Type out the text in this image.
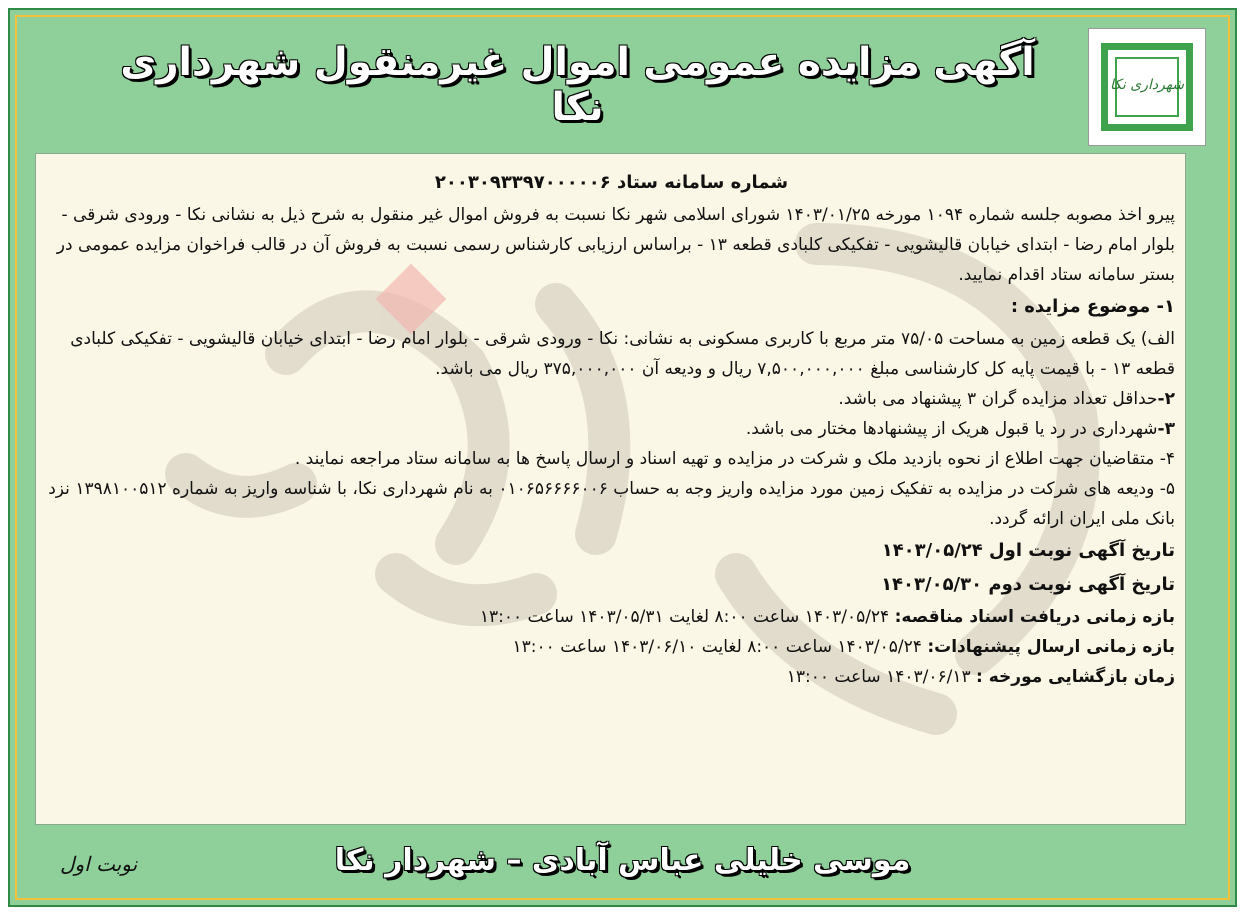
شهرداری نکا
آگهی مزایده عمومی اموال غیرمنقول شهرداری نکا

شماره سامانه ستاد ۲۰۰۳۰۹۳۳۹۷۰۰۰۰۰۶

پیرو اخذ مصوبه جلسه شماره ۱۰۹۴ مورخه ۱۴۰۳/۰۱/۲۵ شورای اسلامی شهر نکا نسبت به فروش اموال غیر منقول به شرح ذیل به نشانی نکا - ورودی شرقی - بلوار امام رضا - ابتدای خیابان قالیشویی - تفکیکی کلبادی قطعه ۱۳ - براساس ارزیابی کارشناس رسمی نسبت به فروش آن در قالب فراخوان مزایده عمومی در بستر سامانه ستاد اقدام نمایید.

۱- موضوع مزایده :

الف) یک قطعه زمین به مساحت ۷۵/۰۵ متر مربع با کاربری مسکونی به نشانی: نکا - ورودی شرقی - بلوار امام رضا - ابتدای خیابان قالیشویی - تفکیکی کلبادی قطعه ۱۳ - با قیمت پایه کل کارشناسی مبلغ ۷,۵۰۰,۰۰۰,۰۰۰ ریال و ودیعه آن ۳۷۵,۰۰۰,۰۰۰ ریال می باشد.

۲-حداقل تعداد مزایده گران ۳ پیشنهاد می باشد.

۳-شهرداری در رد یا قبول هریک از پیشنهادها مختار می باشد.

۴- متقاضیان جهت اطلاع از نحوه بازدید ملک و شرکت در مزایده و تهیه اسناد و ارسال پاسخ ها به سامانه ستاد مراجعه نمایند .

۵- ودیعه های شرکت در مزایده به تفکیک زمین مورد مزایده واریز وجه به حساب ۰۱۰۶۵۶۶۶۶۰۰۶ به نام شهرداری نکا، با شناسه واریز به شماره ۱۳۹۸۱۰۰۵۱۲ نزد بانک ملی ایران ارائه گردد.

تاریخ آگهی نوبت اول ۱۴۰۳/۰۵/۲۴

تاریخ آگهی نوبت دوم ۱۴۰۳/۰۵/۳۰

بازه زمانی دریافت اسناد مناقصه: ۱۴۰۳/۰۵/۲۴ ساعت ۸:۰۰ لغایت ۱۴۰۳/۰۵/۳۱ ساعت ۱۳:۰۰

بازه زمانی ارسال پیشنهادات: ۱۴۰۳/۰۵/۲۴ ساعت ۸:۰۰ لغایت ۱۴۰۳/۰۶/۱۰ ساعت ۱۳:۰۰

زمان بازگشایی مورخه : ۱۴۰۳/۰۶/۱۳ ساعت ۱۳:۰۰

موسی خلیلی عباس آبادی – شهردار نکا
نوبت اول
